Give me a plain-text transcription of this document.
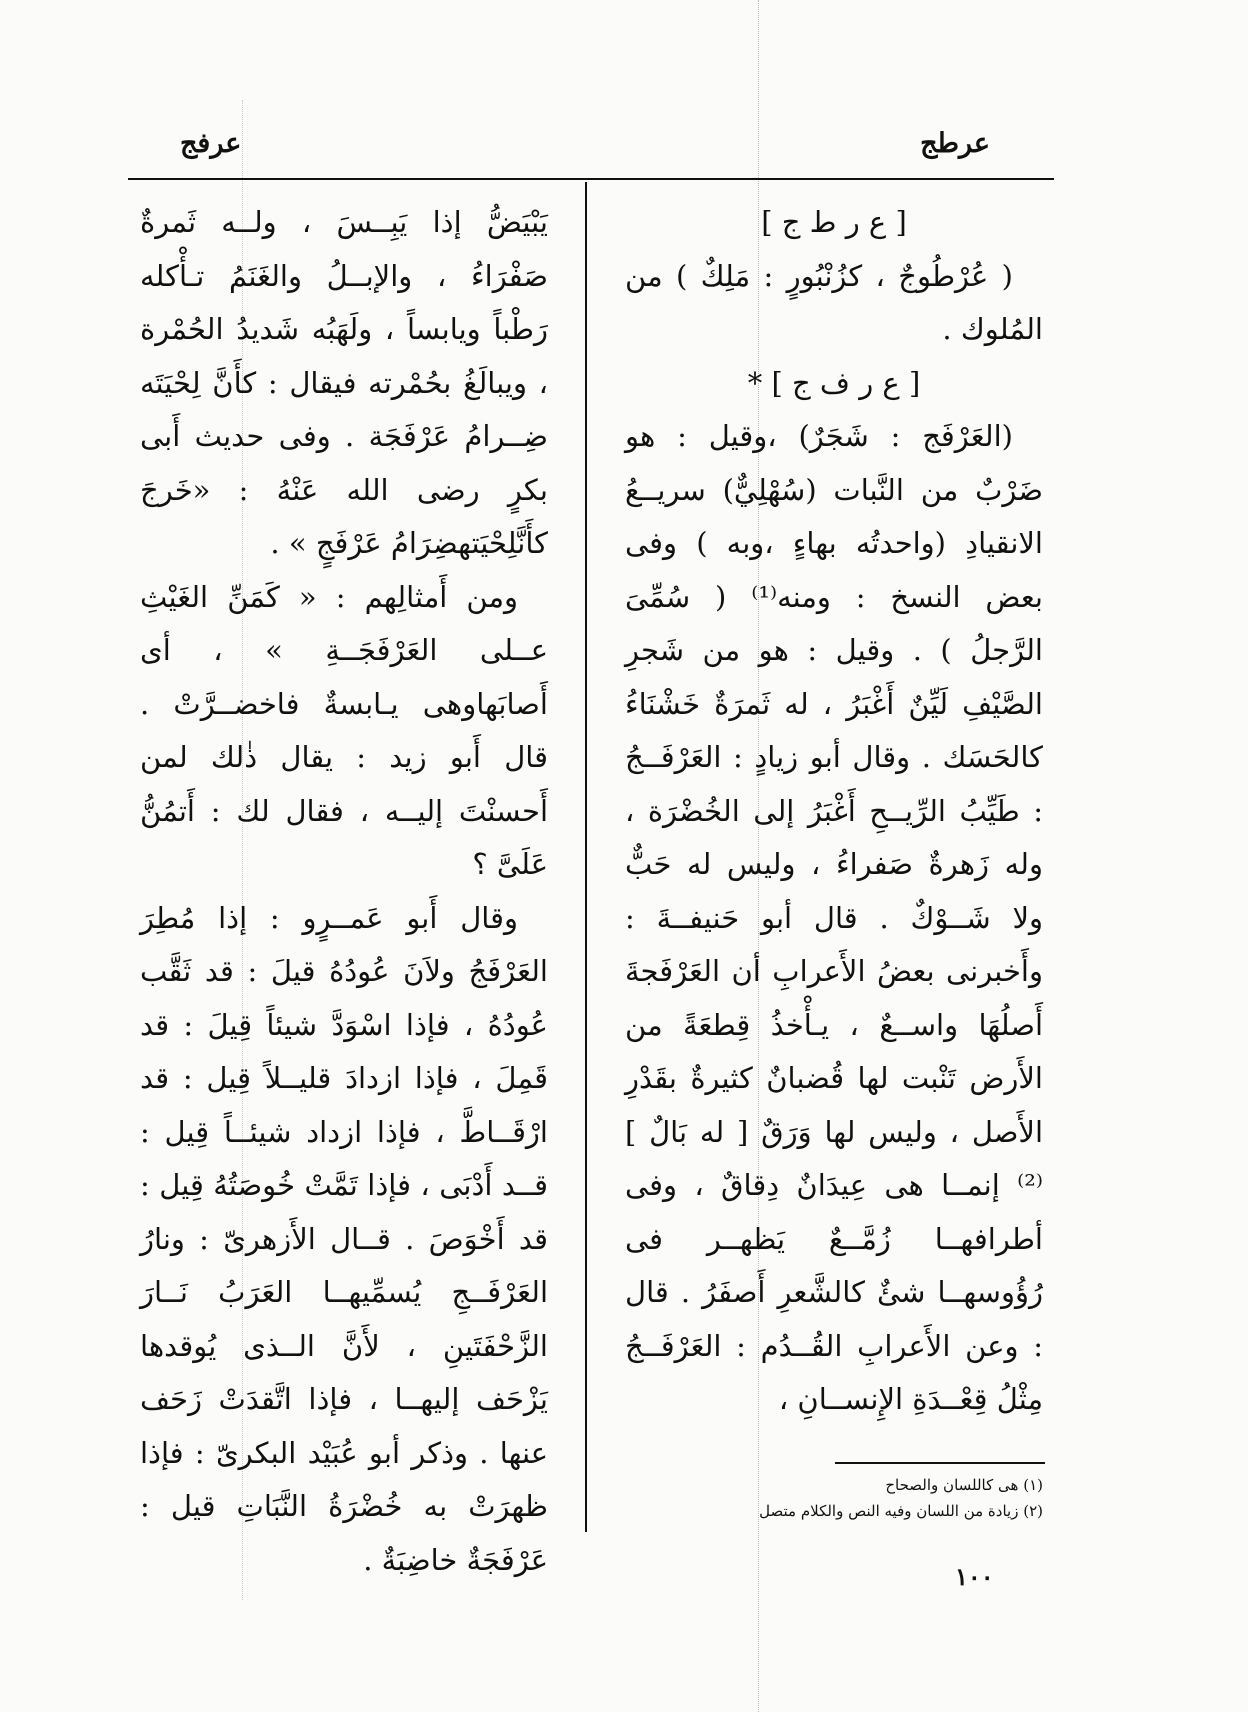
عرطج
عرفج

[ ع ر ط ج ]

( عُرْطُوجٌ ، كزُنْبُورٍ : مَلِكٌ ) من المُلوك .

[ ع ر ف ج ] *

(العَرْفَج : شَجَرٌ) ،وقيل : هو ضَرْبٌ من النَّبات (سُهْلِيٌّ) سريــعُ الانقيادِ (واحدتُه بهاءٍ ،وبه ) وفى بعض النسخ : ومنه⁽¹⁾ ( سُمِّىَ الرَّجلُ ) . وقيل : هو من شَجرِ الصَّيْفِ لَيِّنٌ أَغْبَرُ ، له ثَمرَةٌ خَشْنَاءُ كالحَسَك . وقال أبو زيادٍ : العَرْفَــجُ : طَيِّبُ الرِّيــحِ أَغْبَرُ إلى الخُضْرَة ، وله زَهرةٌ صَفراءُ ، وليس له حَبٌّ ولا شَــوْكٌ . قال أبو حَنيفــةَ : وأَخبرنى بعضُ الأَعرابِ أن العَرْفَجةَ أَصلُهَا واســعٌ ، يـأْخذُ قِطعَةً من الأَرض تَنْبت لها قُضبانٌ كثيرةٌ بقَدْرِ الأَصل ، وليس لها وَرَقٌ [ له بَالٌ ] ⁽²⁾ إنمــا هى عِيدَانٌ دِقاقٌ ، وفى أطرافهــا زُمَّــعٌ يَظهــر فى رُؤُوسهــا شئٌ كالشَّعرِ أَصفَرُ . قال : وعن الأَعرابِ القُــدُم : العَرْفَــجُ مِثْلُ قِعْــدَةِ الإِنســانِ ،

يَبْيَضُّ إذا يَبِــسَ ، ولــه ثَمرةٌ صَفْرَاءُ ، والإبــلُ والغَنَمُ تـأْكله رَطْباً ويابساً ، ولَهَبُه شَديدُ الحُمْرة ، ويبالَغُ بحُمْرته فيقال : كأَنَّ لِحْيَتَه ضِــرامُ عَرْفَجَة . وفى حديث أَبى بكرٍ رضى الله عَنْهُ : «خَرجَ كأَنَّلِحْيَتهضِرَامُ عَرْفَجٍ » .

ومن أَمثالِهم : « كَمَنِّ الغَيْثِ عــلى العَرْفَجَــةِ » ، أى أَصابَهاوهى يـابسةٌ فاخضــرَّتْ . قال أَبو زيد : يقال ذٰلك لمن أَحسنْتَ إليــه ، فقال لك : أَتمُنُّ عَلَىَّ ؟

وقال أَبو عَمــرٍو : إذا مُطِرَ العَرْفَجُ ولاَنَ عُودُهُ قيلَ : قد ثَقَّب عُودُهُ ، فإذا اسْوَدَّ شيئاً قِيلَ : قد قَمِلَ ، فإذا ازدادَ قليــلاً قِيل : قد ارْقَــاطَّ ، فإذا ازداد شيئــاً قِيل : قــد أَدْبَى ، فإذا تَمَّتْ خُوصَتُهُ قِيل : قد أَخْوَصَ . قــال الأَزهرىّ : ونارُ العَرْفَــجِ يُسمِّيهــا العَرَبُ نَــارَ الزَّحْفَتَينِ ، لأَنَّ الــذى يُوقدها يَزْحَف إليهــا ، فإذا اتَّقدَتْ زَحَف عنها . وذكر أبو عُبَيْد البكرىّ : فإذا ظهرَتْ به خُضْرَةُ النَّبَاتِ قيل : عَرْفَجَةٌ خاضِبَةٌ .

(١) هى كاللسان والصحاح

(٢) زيادة من اللسان وفيه النص والكلام متصل

١٠٠
